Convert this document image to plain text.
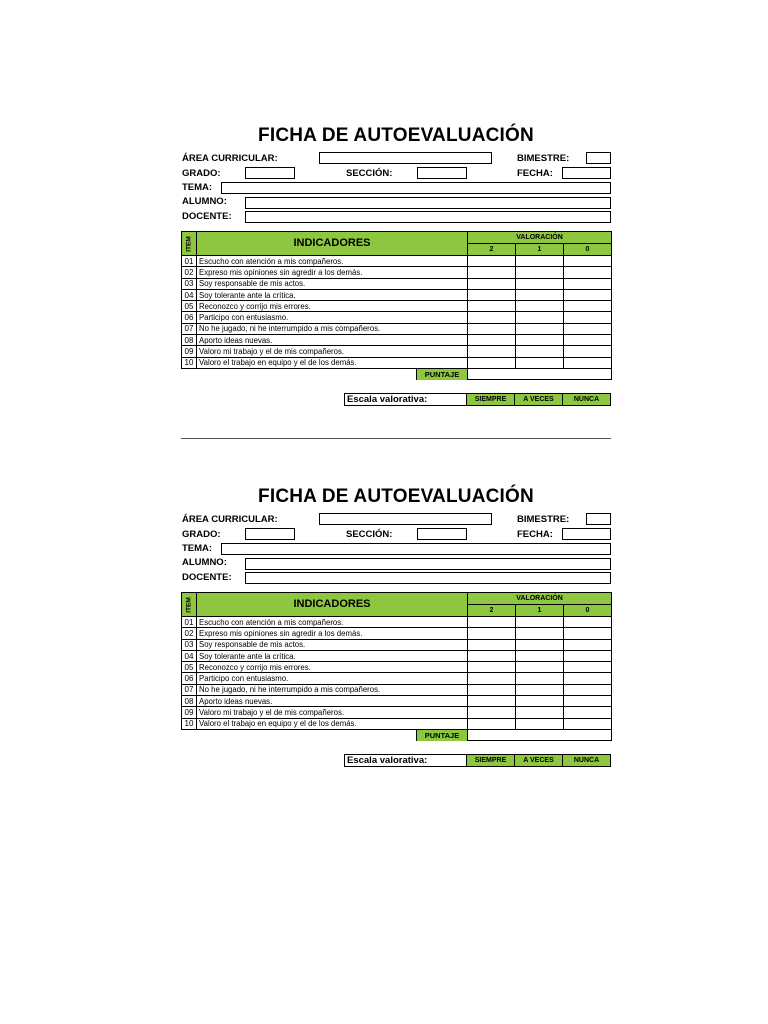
FICHA DE AUTOEVALUACIÓN
ÁREA CURRICULAR:	BIMESTRE:
GRADO:	SECCIÓN:	FECHA:
TEMA:
ALUMNO:
DOCENTE:
ITEM	INDICADORES	VALORACIÓN		
		2	1	0
01	Escucho con atención a mis compañeros.			
02	Expreso mis opiniones sin agredir a los demás.			
03	Soy responsable de mis actos.			
04	Soy tolerante ante la crítica.			
05	Reconozco y corrijo mis errores.			
06	Participo con entusiasmo.			
07	No he jugado, ni he interrumpido a mis compañeros.			
08	Aporto ideas nuevas.			
09	Valoro mi trabajo y el de mis compañeros.			
10	Valoro el trabajo en equipo y el de los demás.			

	PUNTAJE			

Escala valorativa:	SIEMPRE	A VECES	NUNCA
FICHA DE AUTOEVALUACIÓN
ÁREA CURRICULAR:	BIMESTRE:
GRADO:	SECCIÓN:	FECHA:
TEMA:
ALUMNO:
DOCENTE:
ITEM	INDICADORES	VALORACIÓN		
		2	1	0
01	Escucho con atención a mis compañeros.			
02	Expreso mis opiniones sin agredir a los demás.			
03	Soy responsable de mis actos.			
04	Soy tolerante ante la crítica.			
05	Reconozco y corrijo mis errores.			
06	Participo con entusiasmo.			
07	No he jugado, ni he interrumpido a mis compañeros.			
08	Aporto ideas nuevas.			
09	Valoro mi trabajo y el de mis compañeros.			
10	Valoro el trabajo en equipo y el de los demás.			

	PUNTAJE			

Escala valorativa:	SIEMPRE	A VECES	NUNCA
